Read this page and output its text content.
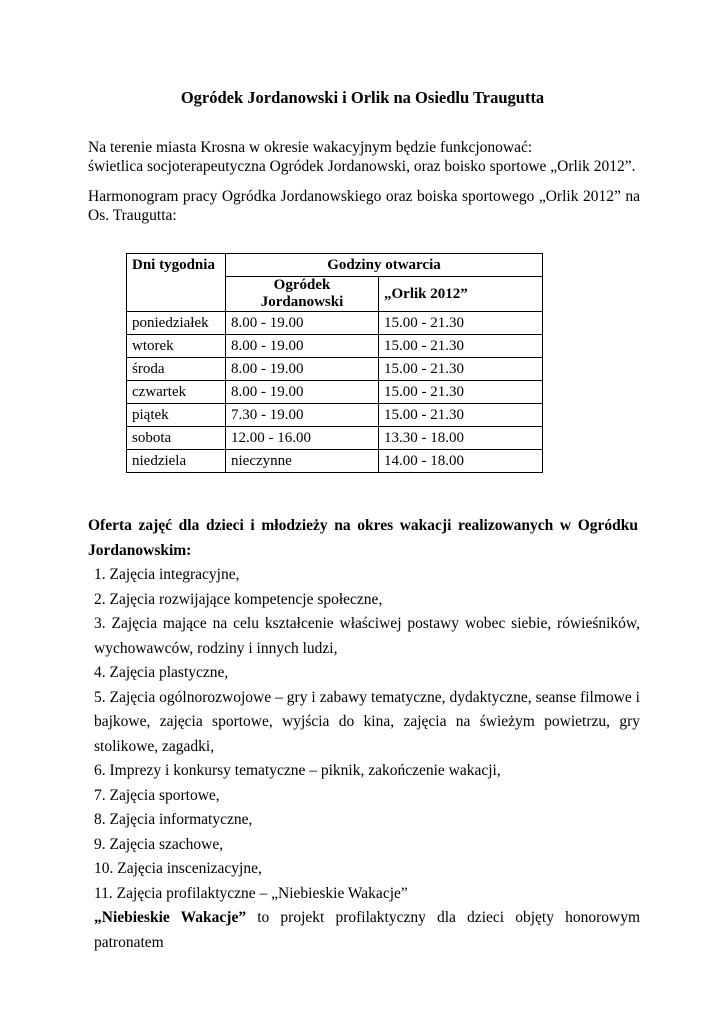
Ogródek Jordanowski i Orlik na Osiedlu Traugutta

Na terenie miasta Krosna w okresie wakacyjnym będzie funkcjonować:

świetlica socjoterapeutyczna Ogródek Jordanowski, oraz boisko sportowe „Orlik 2012”.

Harmonogram pracy Ogródka Jordanowskiego oraz boiska sportowego „Orlik 2012” na Os. Traugutta:
Dni tygodnia	Godziny otwarcia	
	Ogródek Jordanowski	„Orlik 2012”
poniedziałek	8.00 - 19.00	15.00 - 21.30
wtorek	8.00 - 19.00	15.00 - 21.30
środa	8.00 - 19.00	15.00 - 21.30
czwartek	8.00 - 19.00	15.00 - 21.30
piątek	7.30 - 19.00	15.00 - 21.30
sobota	12.00 - 16.00	13.30 - 18.00
niedziela	nieczynne	14.00 - 18.00
Oferta zajęć dla dzieci i młodzieży na okres wakacji realizowanych w Ogródku
Jordanowskim:
1. Zajęcia integracyjne,
2. Zajęcia rozwijające kompetencje społeczne,
3. Zajęcia mające na celu kształcenie właściwej postawy wobec siebie, rówieśników, wychowawców, rodziny i innych ludzi,
4. Zajęcia plastyczne,
5. Zajęcia ogólnorozwojowe – gry i zabawy tematyczne, dydaktyczne, seanse filmowe i bajkowe, zajęcia sportowe, wyjścia do kina, zajęcia na świeżym powietrzu, gry stolikowe, zagadki,
6. Imprezy i konkursy tematyczne – piknik, zakończenie wakacji,
7. Zajęcia sportowe,
8. Zajęcia informatyczne,
9. Zajęcia szachowe,
10. Zajęcia inscenizacyjne,
11. Zajęcia profilaktyczne – „Niebieskie Wakacje”
„Niebieskie Wakacje” to projekt profilaktyczny dla dzieci objęty honorowym patronatem
